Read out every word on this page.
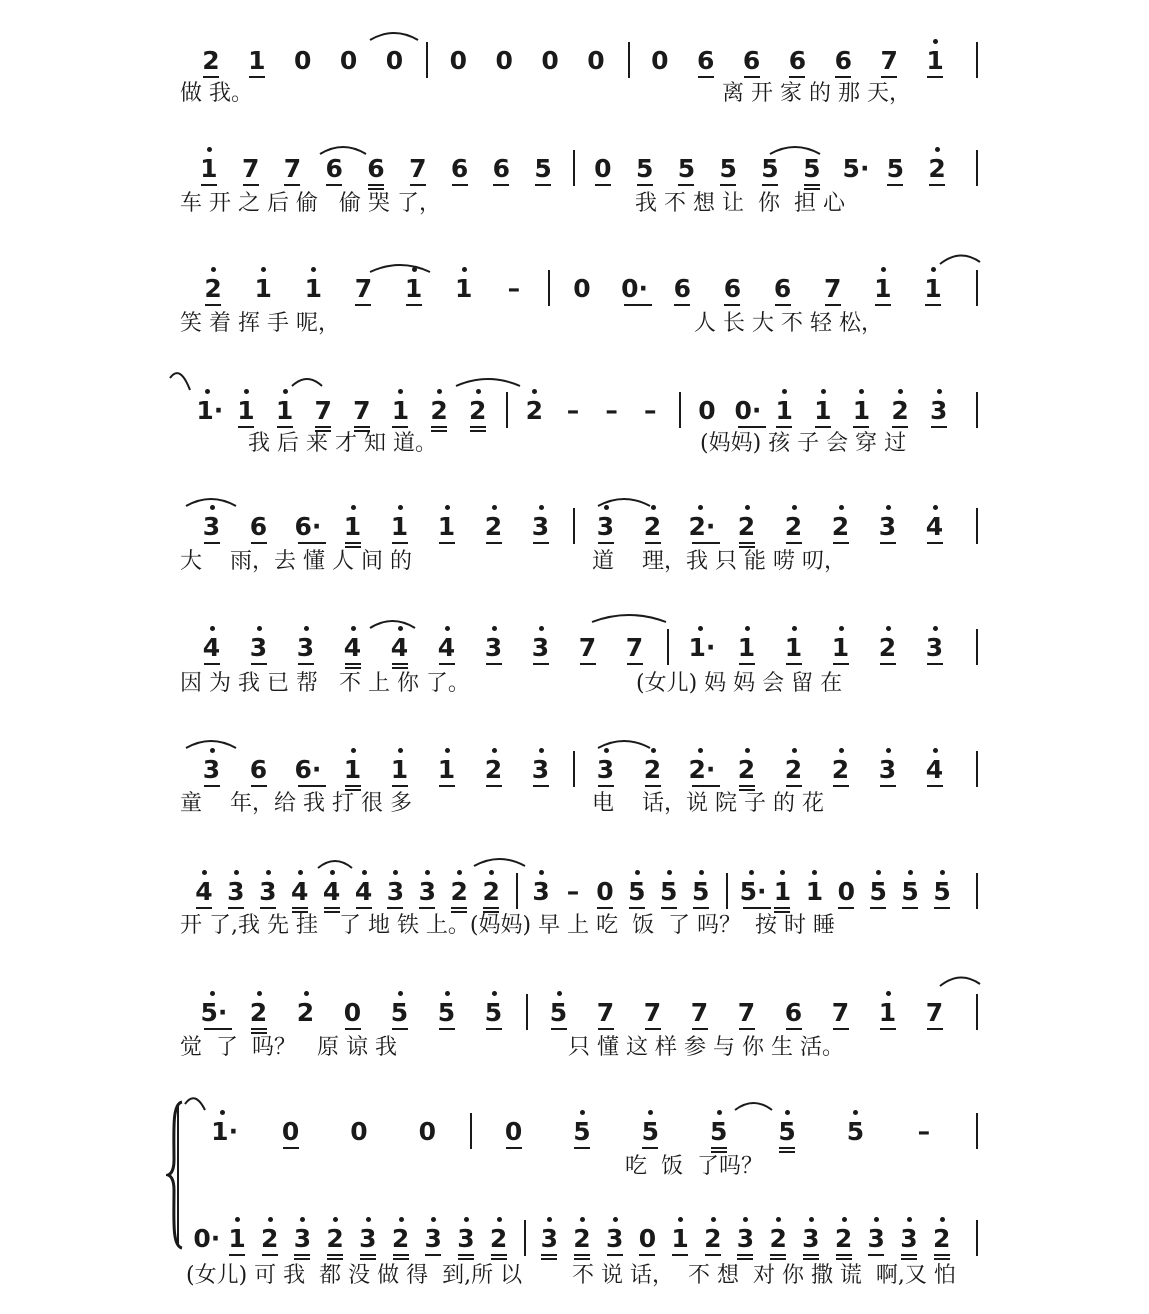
2 1 0 0 0 0 0 0 0 0 6 6 6 6 7 1
做 我。	离 开 家 的 那 天，
1 7 7 6 6 7 6 6 5 0 5 5 5 5 5 5· 5 2
车 开 之 后 偷   偷 哭 了，	我 不 想 让  你  担 心
2 1 1 7 1 1 – 0 0· 6 6 6 7 1 1
笑 着 挥 手 呢，	人 长 大 不 轻 松，
1· 1 1 7 7 1 2 2 2 – – – 0 0· 1 1 1 2 3
我 后 来 才 知 道。	(妈妈) 孩 子 会 穿 过
3 6 6· 1 1 1 2 3 3 2 2· 2 2 2 3 4
大    雨，去 懂 人 间 的	道    理，我 只 能 唠 叨，
4 3 3 4 4 4 3 3 7 7 1· 1 1 1 2 3
因 为 我 已 帮   不 上 你 了。	(女儿) 妈 妈 会 留 在
3 6 6· 1 1 1 2 3 3 2 2· 2 2 2 3 4
童    年，给 我 打 很 多	电    话，说 院 子 的 花
4 3 3 4 4 4 3 3 2 2 3 – 0 5 5 5 5· 1 1 0 5 5 5
开 了,我 先 挂   了 地 铁 上。(妈妈) 早 上 吃  饭  了 吗？  按 时 睡
5· 2 2 0 5 5 5 5 7 7 7 7 6 7 1 7
觉  了  吗？   原 谅 我	只 懂 这 样 参 与 你 生 活。
1· 0 0 0	0 5 5 5 5 5 –
吃  饭  了吗？
0· 1 2 3 2 3 2 3 3 2 3 2 3 0 1 2 3 2 3 2 3 3 2
(女儿) 可 我  都 没 做 得  到,所 以 不 说 话，  不 想  对 你 撒 谎  啊,又 怕
